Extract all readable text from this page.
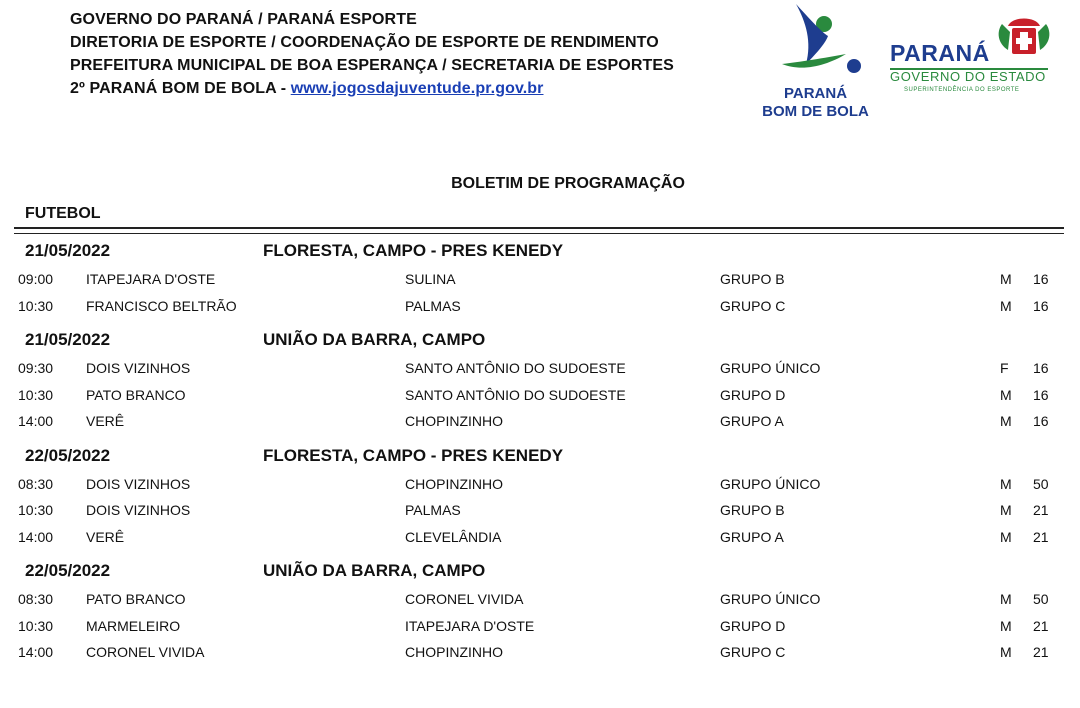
GOVERNO DO PARANÁ / PARANÁ ESPORTE
DIRETORIA DE ESPORTE / COORDENAÇÃO DE ESPORTE DE RENDIMENTO
PREFEITURA MUNICIPAL DE BOA ESPERANÇA / SECRETARIA DE ESPORTES
2º PARANÁ BOM DE BOLA - www.jogosdajuventude.pr.gov.br	PARANÁ
BOM DE BOLA
PARANÁ
GOVERNO DO ESTADO
SUPERINTENDÊNCIA DO ESPORTE
BOLETIM DE PROGRAMAÇÃO
FUTEBOL
21/05/2022	FLORESTA, CAMPO - PRES KENEDY
09:00 ITAPEJARA D'OSTE	SULINA	GRUPO B	M 16
10:30 FRANCISCO BELTRÃO	PALMAS	GRUPO C	M 16
21/05/2022	UNIÃO DA BARRA, CAMPO
09:30 DOIS VIZINHOS	SANTO ANTÔNIO DO SUDOESTE	GRUPO ÚNICO	F 16
10:30 PATO BRANCO	SANTO ANTÔNIO DO SUDOESTE	GRUPO D	M 16
14:00 VERÊ	CHOPINZINHO	GRUPO A	M 16
22/05/2022	FLORESTA, CAMPO - PRES KENEDY
08:30 DOIS VIZINHOS	CHOPINZINHO	GRUPO ÚNICO	M 50
10:30 DOIS VIZINHOS	PALMAS	GRUPO B	M 21
14:00 VERÊ	CLEVELÂNDIA	GRUPO A	M 21
22/05/2022	UNIÃO DA BARRA, CAMPO
08:30 PATO BRANCO	CORONEL VIVIDA	GRUPO ÚNICO	M 50
10:30 MARMELEIRO	ITAPEJARA D'OSTE	GRUPO D	M 21
14:00 CORONEL VIVIDA	CHOPINZINHO	GRUPO C	M 21
